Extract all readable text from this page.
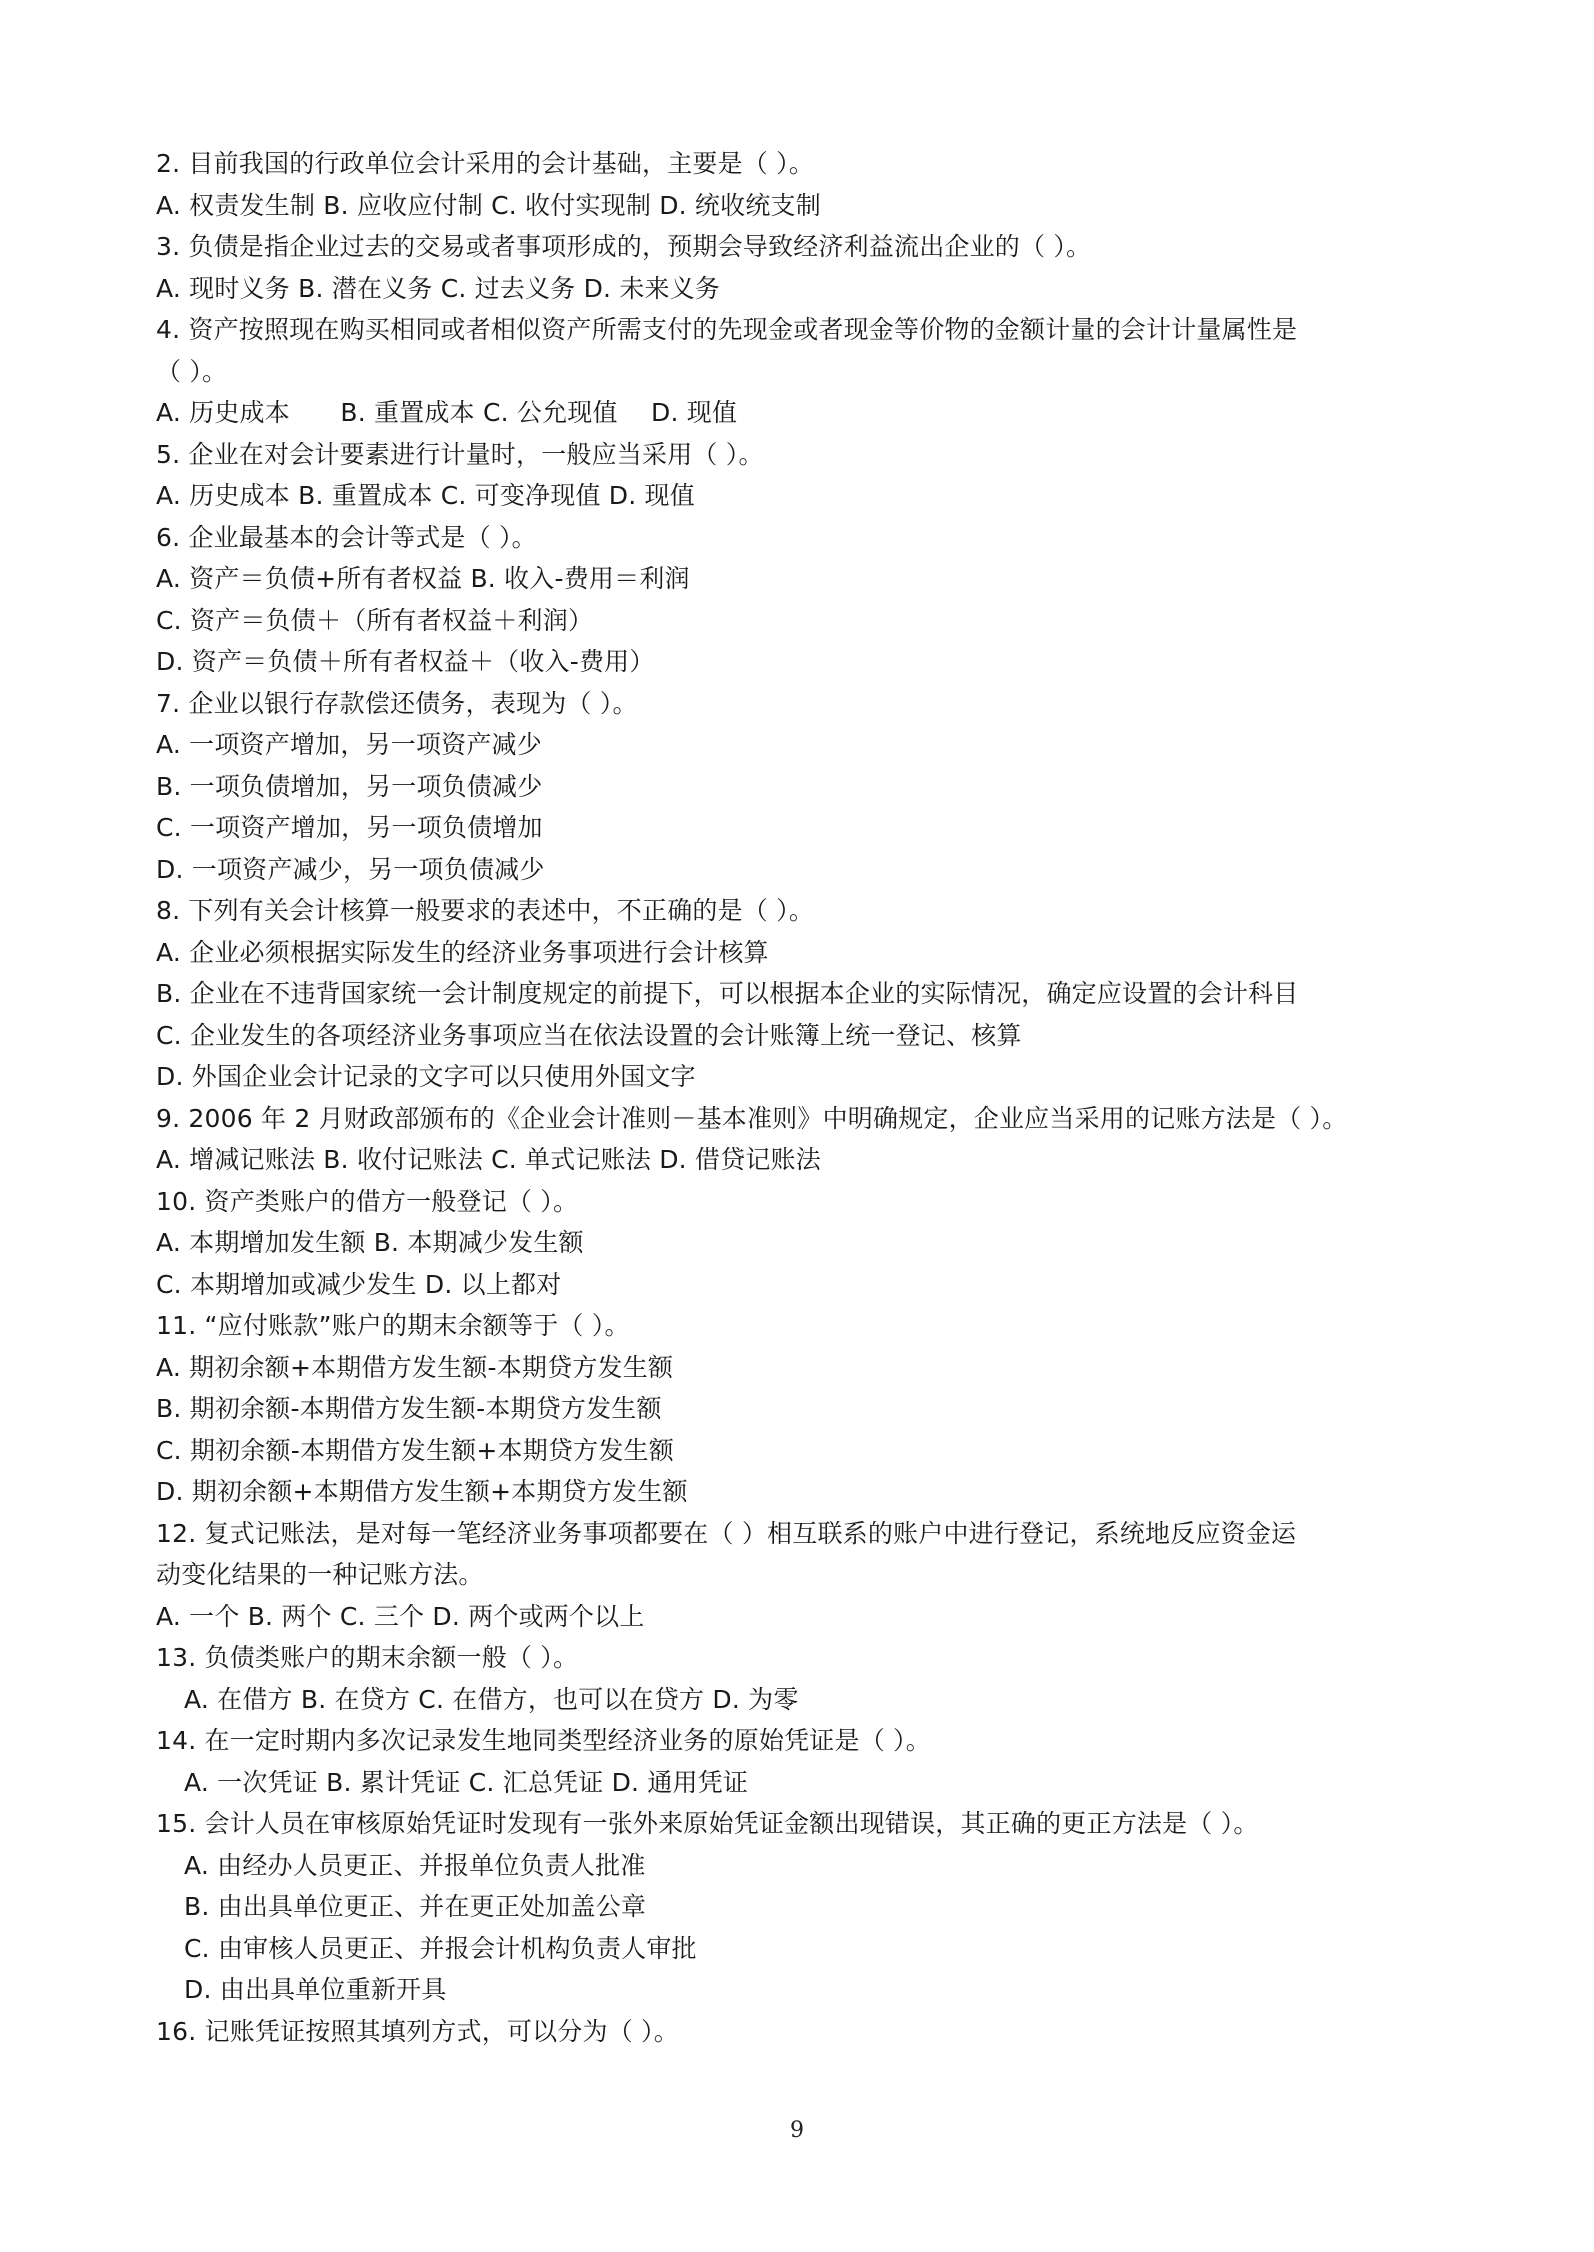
2. 目前我国的行政单位会计采用的会计基础，主要是（ ）。
A. 权责发生制 B. 应收应付制 C. 收付实现制 D. 统收统支制
3. 负债是指企业过去的交易或者事项形成的，预期会导致经济利益流出企业的（ ）。
A. 现时义务 B. 潜在义务 C. 过去义务 D. 未来义务
4. 资产按照现在购买相同或者相似资产所需支付的先现金或者现金等价物的金额计量的会计计量属性是
（ ）。
A. 历史成本　　B. 重置成本 C. 公允现值　 D. 现值
5. 企业在对会计要素进行计量时，一般应当采用（ ）。
A. 历史成本 B. 重置成本 C. 可变净现值 D. 现值
6. 企业最基本的会计等式是（ ）。
A. 资产＝负债+所有者权益 B. 收入-费用＝利润
C. 资产＝负债＋（所有者权益＋利润）
D. 资产＝负债＋所有者权益＋（收入-费用）
7. 企业以银行存款偿还债务，表现为（ ）。
A. 一项资产增加，另一项资产减少
B. 一项负债增加，另一项负债减少
C. 一项资产增加，另一项负债增加
D. 一项资产减少，另一项负债减少
8. 下列有关会计核算一般要求的表述中，不正确的是（ ）。
A. 企业必须根据实际发生的经济业务事项进行会计核算
B. 企业在不违背国家统一会计制度规定的前提下，可以根据本企业的实际情况，确定应设置的会计科目
C. 企业发生的各项经济业务事项应当在依法设置的会计账簿上统一登记、核算
D. 外国企业会计记录的文字可以只使用外国文字
9. 2006 年 2 月财政部颁布的《企业会计准则－基本准则》中明确规定，企业应当采用的记账方法是（ ）。
A. 增减记账法 B. 收付记账法 C. 单式记账法 D. 借贷记账法
10. 资产类账户的借方一般登记（ ）。
A. 本期增加发生额 B. 本期减少发生额
C. 本期增加或减少发生 D. 以上都对
11. “应付账款”账户的期末余额等于（ ）。
A. 期初余额+本期借方发生额-本期贷方发生额
B. 期初余额-本期借方发生额-本期贷方发生额
C. 期初余额-本期借方发生额+本期贷方发生额
D. 期初余额+本期借方发生额+本期贷方发生额
12. 复式记账法，是对每一笔经济业务事项都要在（ ）相互联系的账户中进行登记，系统地反应资金运
动变化结果的一种记账方法。
A. 一个 B. 两个 C. 三个 D. 两个或两个以上
13. 负债类账户的期末余额一般（ ）。
A. 在借方 B. 在贷方 C. 在借方，也可以在贷方 D. 为零
14. 在一定时期内多次记录发生地同类型经济业务的原始凭证是（ ）。
A. 一次凭证 B. 累计凭证 C. 汇总凭证 D. 通用凭证
15. 会计人员在审核原始凭证时发现有一张外来原始凭证金额出现错误，其正确的更正方法是（ ）。
A. 由经办人员更正、并报单位负责人批准
B. 由出具单位更正、并在更正处加盖公章
C. 由审核人员更正、并报会计机构负责人审批
D. 由出具单位重新开具
16. 记账凭证按照其填列方式，可以分为（ ）。
9
